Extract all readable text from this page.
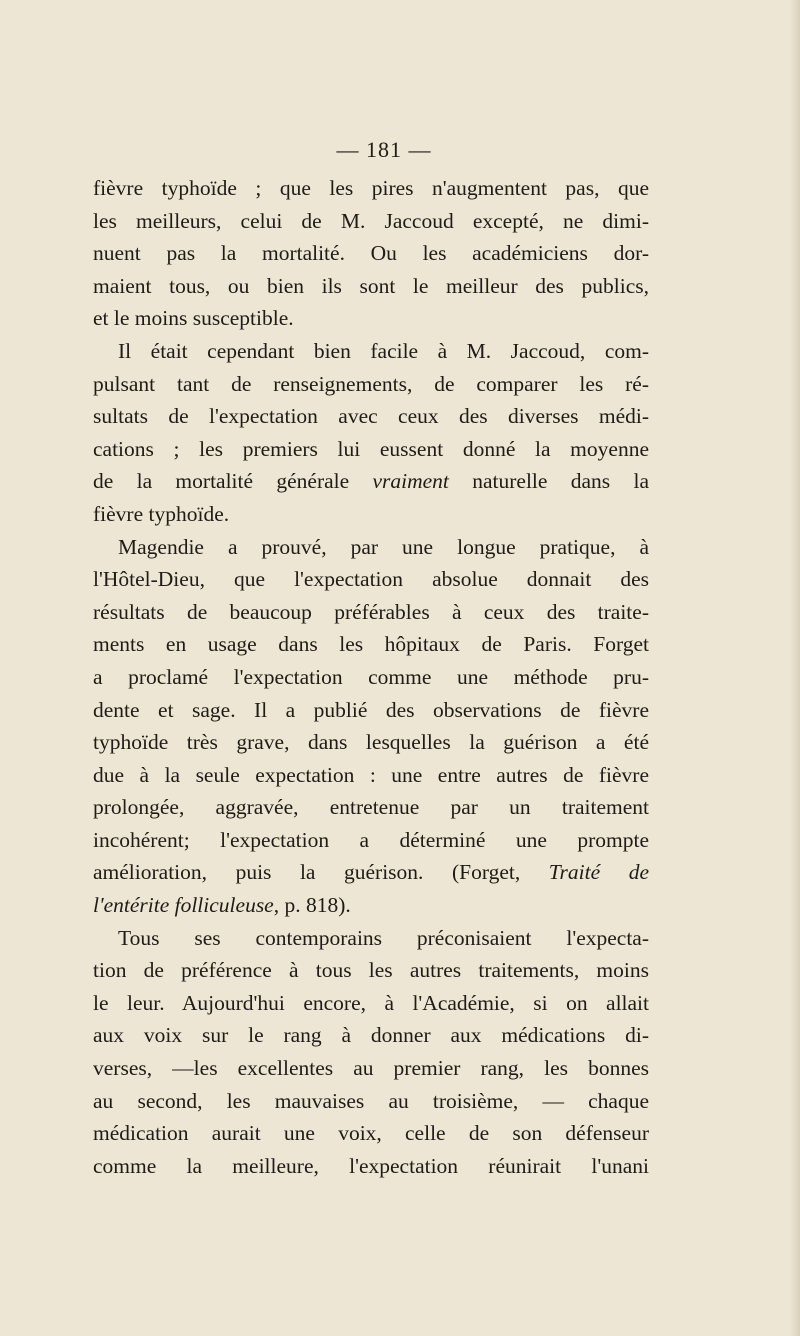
— 181 —
fièvre typhoïde ; que les pires n'augmentent pas, que
les meilleurs, celui de M. Jaccoud excepté, ne dimi-
nuent pas la mortalité. Ou les académiciens dor-
maient tous, ou bien ils sont le meilleur des publics,
et le moins susceptible.
Il était cependant bien facile à M. Jaccoud, com-
pulsant tant de renseignements, de comparer les ré-
sultats de l'expectation avec ceux des diverses médi-
cations ; les premiers lui eussent donné la moyenne
de la mortalité générale vraiment naturelle dans la
fièvre typhoïde.
Magendie a prouvé, par une longue pratique, à
l'Hôtel-Dieu, que l'expectation absolue donnait des
résultats de beaucoup préférables à ceux des traite-
ments en usage dans les hôpitaux de Paris. Forget
a proclamé l'expectation comme une méthode pru-
dente et sage. Il a publié des observations de fièvre
typhoïde très grave, dans lesquelles la guérison a été
due à la seule expectation : une entre autres de fièvre
prolongée, aggravée, entretenue par un traitement
incohérent; l'expectation a déterminé une prompte
amélioration, puis la guérison. (Forget, Traité de
l'entérite folliculeuse, p. 818).
Tous ses contemporains préconisaient l'expecta-
tion de préférence à tous les autres traitements, moins
le leur. Aujourd'hui encore, à l'Académie, si on allait
aux voix sur le rang à donner aux médications di-
verses, —les excellentes au premier rang, les bonnes
au second, les mauvaises au troisième, — chaque
médication aurait une voix, celle de son défenseur
comme la meilleure, l'expectation réunirait l'unani
